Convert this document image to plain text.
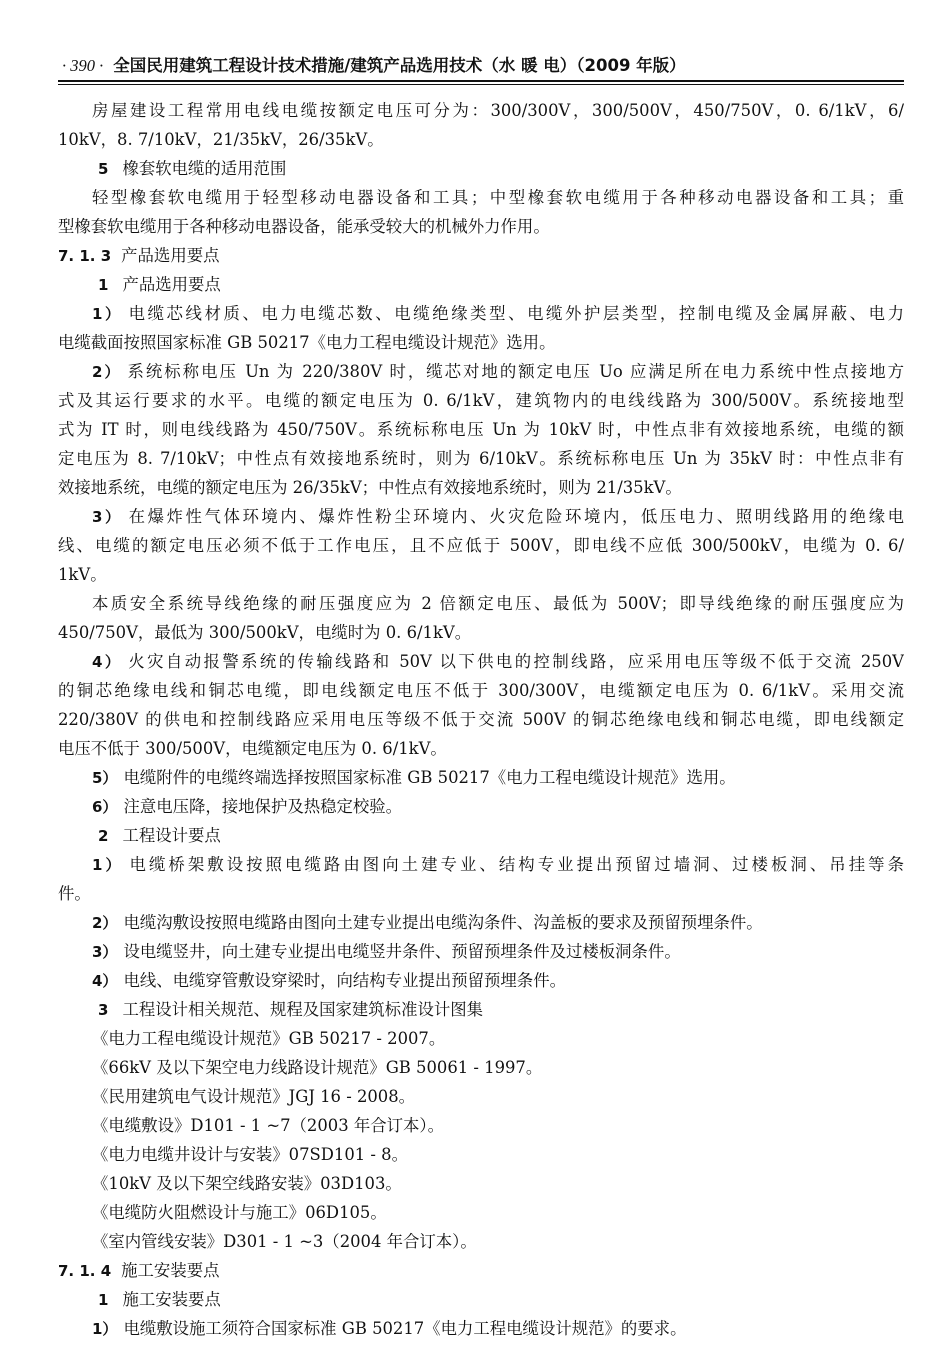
· 390 · 全国民用建筑工程设计技术措施/建筑产品选用技术（水 暖 电）（2009 年版）
房屋建设工程常用电线电缆按额定电压可分为：300/300V，300/500V，450/750V，0. 6/1kV，6/
10kV，8. 7/10kV，21/35kV，26/35kV。
5 橡套软电缆的适用范围
轻型橡套软电缆用于轻型移动电器设备和工具；中型橡套软电缆用于各种移动电器设备和工具；重
型橡套软电缆用于各种移动电器设备，能承受较大的机械外力作用。
7. 1. 3 产品选用要点
1 产品选用要点
1） 电缆芯线材质、电力电缆芯数、电缆绝缘类型、电缆外护层类型，控制电缆及金属屏蔽、电力
电缆截面按照国家标准 GB 50217《电力工程电缆设计规范》选用。
2） 系统标称电压 Un 为 220/380V 时，缆芯对地的额定电压 Uo 应满足所在电力系统中性点接地方
式及其运行要求的水平。电缆的额定电压为 0. 6/1kV，建筑物内的电线线路为 300/500V。系统接地型
式为 IT 时，则电线线路为 450/750V。系统标称电压 Un 为 10kV 时，中性点非有效接地系统，电缆的额
定电压为 8. 7/10kV；中性点有效接地系统时，则为 6/10kV。系统标称电压 Un 为 35kV 时：中性点非有
效接地系统，电缆的额定电压为 26/35kV；中性点有效接地系统时，则为 21/35kV。
3） 在爆炸性气体环境内、爆炸性粉尘环境内、火灾危险环境内，低压电力、照明线路用的绝缘电
线、电缆的额定电压必须不低于工作电压，且不应低于 500V，即电线不应低 300/500kV，电缆为 0. 6/
1kV。
本质安全系统导线绝缘的耐压强度应为 2 倍额定电压、最低为 500V；即导线绝缘的耐压强度应为
450/750V，最低为 300/500kV，电缆时为 0. 6/1kV。
4） 火灾自动报警系统的传输线路和 50V 以下供电的控制线路，应采用电压等级不低于交流 250V
的铜芯绝缘电线和铜芯电缆，即电线额定电压不低于 300/300V，电缆额定电压为 0. 6/1kV。采用交流
220/380V 的供电和控制线路应采用电压等级不低于交流 500V 的铜芯绝缘电线和铜芯电缆，即电线额定
电压不低于 300/500V，电缆额定电压为 0. 6/1kV。
5） 电缆附件的电缆终端选择按照国家标准 GB 50217《电力工程电缆设计规范》选用。
6） 注意电压降，接地保护及热稳定校验。
2 工程设计要点
1） 电缆桥架敷设按照电缆路由图向土建专业、结构专业提出预留过墙洞、过楼板洞、吊挂等条
件。
2） 电缆沟敷设按照电缆路由图向土建专业提出电缆沟条件、沟盖板的要求及预留预埋条件。
3） 设电缆竖井，向土建专业提出电缆竖井条件、预留预埋条件及过楼板洞条件。
4） 电线、电缆穿管敷设穿梁时，向结构专业提出预留预埋条件。
3 工程设计相关规范、规程及国家建筑标准设计图集
《电力工程电缆设计规范》GB 50217 - 2007。
《66kV 及以下架空电力线路设计规范》GB 50061 - 1997。
《民用建筑电气设计规范》JGJ 16 - 2008。
《电缆敷设》D101 - 1 ~7（2003 年合订本）。
《电力电缆井设计与安装》07SD101 - 8。
《10kV 及以下架空线路安装》03D103。
《电缆防火阻燃设计与施工》06D105。
《室内管线安装》D301 - 1 ~3（2004 年合订本）。
7. 1. 4 施工安装要点
1 施工安装要点
1） 电缆敷设施工须符合国家标准 GB 50217《电力工程电缆设计规范》的要求。
